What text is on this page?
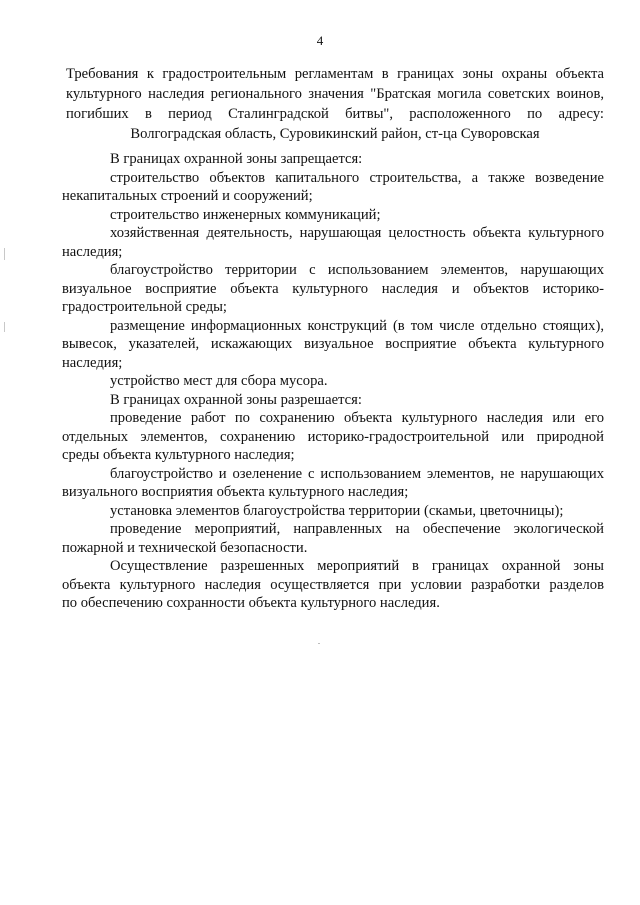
4
Требования к градостроительным регламентам в границах зоны охраны объекта
культурного наследия регионального значения "Братская могила советских воинов,
погибших в период Сталинградской битвы", расположенного по адресу:
Волгоградская область, Суровикинский район, ст-ца Суворовская

В границах охранной зоны запрещается:

строительство объектов капитального строительства, а также возведение
некапитальных строений и сооружений;

строительство инженерных коммуникаций;

хозяйственная деятельность, нарушающая целостность объекта культурного
наследия;

благоустройство территории с использованием элементов, нарушающих
визуальное восприятие объекта культурного наследия и объектов историко-
градостроительной среды;

размещение информационных конструкций (в том числе отдельно стоящих),
вывесок, указателей, искажающих визуальное восприятие объекта культурного
наследия;

устройство мест для сбора мусора.

В границах охранной зоны разрешается:

проведение работ по сохранению объекта культурного наследия или его
отдельных элементов, сохранению историко-градостроительной или природной
среды объекта культурного наследия;

благоустройство и озеленение с использованием элементов, не нарушающих
визуального восприятия объекта культурного наследия;

установка элементов благоустройства территории (скамьи, цветочницы);

проведение мероприятий, направленных на обеспечение экологической
пожарной и технической безопасности.

Осуществление разрешенных мероприятий в границах охранной зоны
объекта культурного наследия осуществляется при условии разработки разделов
по обеспечению сохранности объекта культурного наследия.
